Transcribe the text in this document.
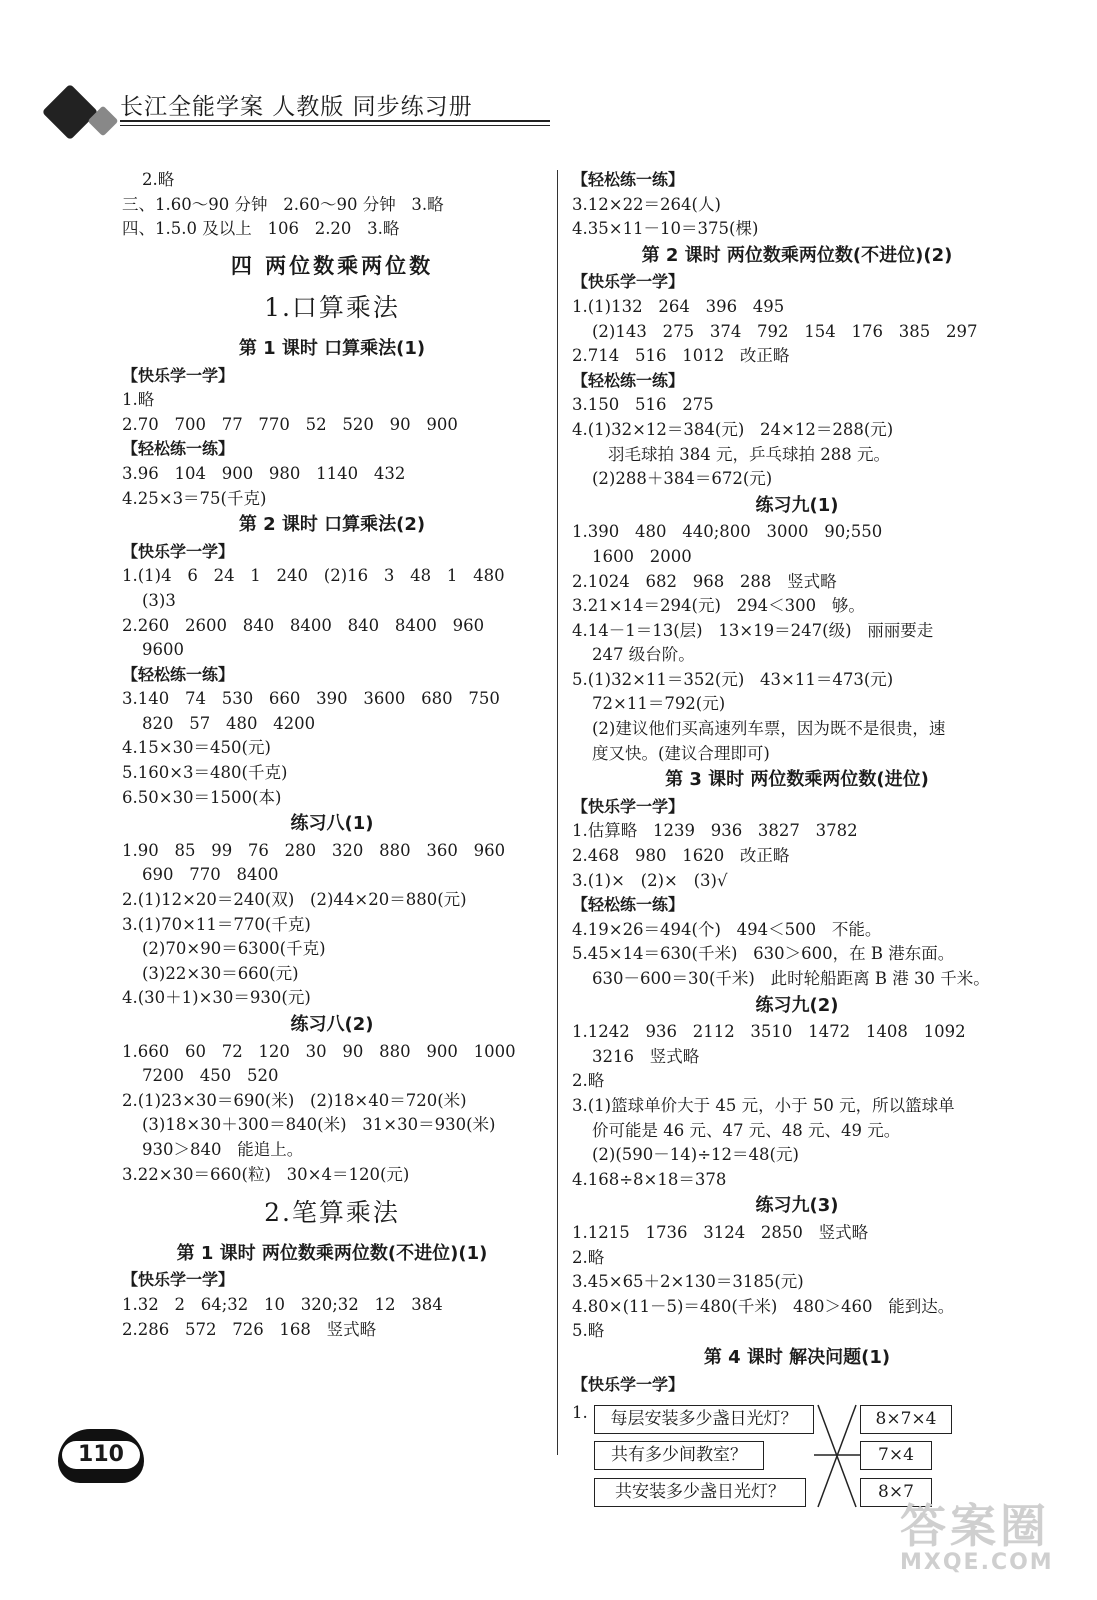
长江全能学案 人教版 同步练习册
2.略
三、1.60～90 分钟   2.60～90 分钟   3.略
四、1.5.0 及以上   106   2.20   3.略
四 两位数乘两位数
1.口算乘法
第 1 课时 口算乘法(1)
【快乐学一学】
1.略
2.70   700   77   770   52   520   90   900
【轻松练一练】
3.96   104   900   980   1140   432
4.25×3＝75(千克)
第 2 课时 口算乘法(2)
【快乐学一学】
1.(1)4   6   24   1   240   (2)16   3   48   1   480
(3)3
2.260   2600   840   8400   840   8400   960
9600
【轻松练一练】
3.140   74   530   660   390   3600   680   750
820   57   480   4200
4.15×30＝450(元)
5.160×3＝480(千克)
6.50×30＝1500(本)
练习八(1)
1.90   85   99   76   280   320   880   360   960
690   770   8400
2.(1)12×20＝240(双)   (2)44×20＝880(元)
3.(1)70×11＝770(千克)
(2)70×90＝6300(千克)
(3)22×30＝660(元)
4.(30＋1)×30＝930(元)
练习八(2)
1.660   60   72   120   30   90   880   900   1000
7200   450   520
2.(1)23×30＝690(米)   (2)18×40＝720(米)
(3)18×30＋300＝840(米)   31×30＝930(米)
930＞840   能追上。
3.22×30＝660(粒)   30×4＝120(元)
2.笔算乘法
第 1 课时 两位数乘两位数(不进位)(1)
【快乐学一学】
1.32   2   64;32   10   320;32   12   384
2.286   572   726   168   竖式略
【轻松练一练】
3.12×22＝264(人)
4.35×11－10＝375(棵)
第 2 课时 两位数乘两位数(不进位)(2)
【快乐学一学】
1.(1)132   264   396   495
(2)143   275   374   792   154   176   385   297
2.714   516   1012   改正略
【轻松练一练】
3.150   516   275
4.(1)32×12＝384(元)   24×12＝288(元)
羽毛球拍 384 元，乒乓球拍 288 元。
(2)288＋384＝672(元)
练习九(1)
1.390   480   440;800   3000   90;550
1600   2000
2.1024   682   968   288   竖式略
3.21×14＝294(元)   294＜300   够。
4.14－1＝13(层)   13×19＝247(级)   丽丽要走
247 级台阶。
5.(1)32×11＝352(元)   43×11＝473(元)
72×11＝792(元)
(2)建议他们买高速列车票，因为既不是很贵，速
度又快。(建议合理即可)
第 3 课时 两位数乘两位数(进位)
【快乐学一学】
1.估算略   1239   936   3827   3782
2.468   980   1620   改正略
3.(1)×   (2)×   (3)√
【轻松练一练】
4.19×26＝494(个)   494＜500   不能。
5.45×14＝630(千米)   630＞600，在 B 港东面。
630－600＝30(千米)   此时轮船距离 B 港 30 千米。
练习九(2)
1.1242   936   2112   3510   1472   1408   1092
3216   竖式略
2.略
3.(1)篮球单价大于 45 元，小于 50 元，所以篮球单
价可能是 46 元、47 元、48 元、49 元。
(2)(590－14)÷12＝48(元)
4.168÷8×18＝378
练习九(3)
1.1215   1736   3124   2850   竖式略
2.略
3.45×65＋2×130＝3185(元)
4.80×(11－5)＝480(千米)   480＞460   能到达。
5.略
第 4 课时 解决问题(1)
【快乐学一学】
1.	每层安装多少盏日光灯？
共有多少间教室？
共安装多少盏日光灯？
8×7×4
7×4
8×7
110
答案圈
MXQE.COM
